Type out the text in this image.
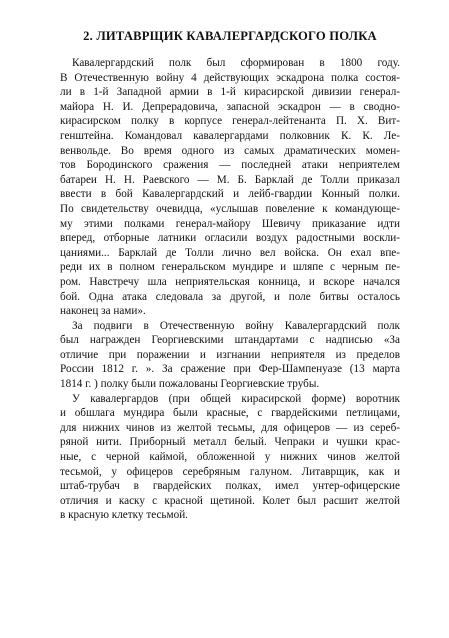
2. ЛИТАВРЩИК КАВАЛЕРГАРДСКОГО ПОЛКА
Кавалергардский полк был сформирован в 1800 году.
В Отечественную войну 4 действующих эскадрона полка состоя-
ли в 1-й Западной армии в 1-й кирасирской дивизии генерал-
майора Н. И. Депрерадовича, запасной эскадрон — в сводно-
кирасирском полку в корпусе генерал-лейтенанта П. Х. Вит-
генштейна. Командовал кавалергардами полковник К. К. Ле-
венвольде. Во время одного из самых драматических момен-
тов Бородинского сражения — последней атаки неприятелем
батареи Н. Н. Раевского — М. Б. Барклай де Толли приказал
ввести в бой Кавалергардский и лейб-гвардии Конный полки.
По свидетельству очевидца, «услышав повеление к командующе-
му этими полками генерал-майору Шевичу приказание идти
вперед, отборные латники огласили воздух радостными воскли-
цаниями... Барклай де Толли лично вел войска. Он ехал впе-
реди их в полном генеральском мундире и шляпе с черным пе-
ром. Навстречу шла неприятельская конница, и вскоре начался
бой. Одна атака следовала за другой, и поле битвы осталось
наконец за нами».
За подвиги в Отечественную войну Кавалергардский полк
был награжден Георгиевскими штандартами с надписью «За
отличие при поражении и изгнании неприятеля из пределов
России 1812 г. ». За сражение при Фер-Шампенуазе (13 марта
1814 г. ) полку были пожалованы Георгиевские трубы.
У кавалергардов (при общей кирасирской форме) воротник
и обшлага мундира были красные, с гвардейскими петлицами,
для нижних чинов из желтой тесьмы, для офицеров — из сереб-
ряной нити. Приборный металл белый. Чепраки и чушки крас-
ные, с черной каймой, обложенной у нижних чинов желтой
тесьмой, у офицеров серебряным галуном. Литаврщик, как и
штаб-трубач в гвардейских полках, имел унтер-офицерские
отличия и каску с красной щетиной. Колет был расшит желтой
в красную клетку тесьмой.
